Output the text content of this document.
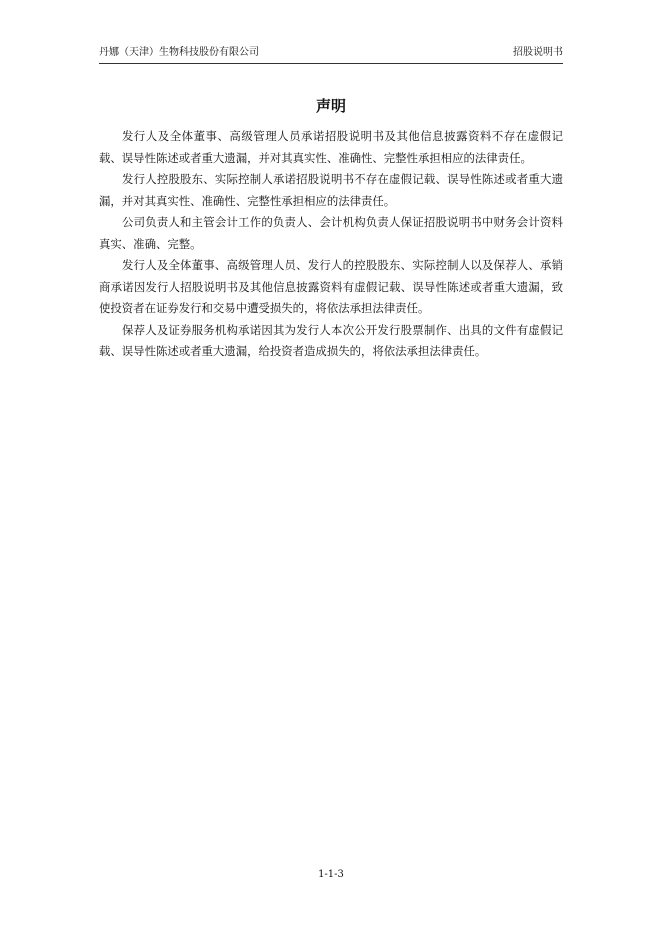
丹娜（天津）生物科技股份有限公司	招股说明书
声明

发行人及全体董事、高级管理人员承诺招股说明书及其他信息披露资料不存在虚假记载、误导性陈述或者重大遗漏，并对其真实性、准确性、完整性承担相应的法律责任。

发行人控股股东、实际控制人承诺招股说明书不存在虚假记载、误导性陈述或者重大遗漏，并对其真实性、准确性、完整性承担相应的法律责任。

公司负责人和主管会计工作的负责人、会计机构负责人保证招股说明书中财务会计资料真实、准确、完整。

发行人及全体董事、高级管理人员、发行人的控股股东、实际控制人以及保荐人、承销商承诺因发行人招股说明书及其他信息披露资料有虚假记载、误导性陈述或者重大遗漏，致使投资者在证券发行和交易中遭受损失的，将依法承担法律责任。

保荐人及证券服务机构承诺因其为发行人本次公开发行股票制作、出具的文件有虚假记载、误导性陈述或者重大遗漏，给投资者造成损失的，将依法承担法律责任。

1-1-3
